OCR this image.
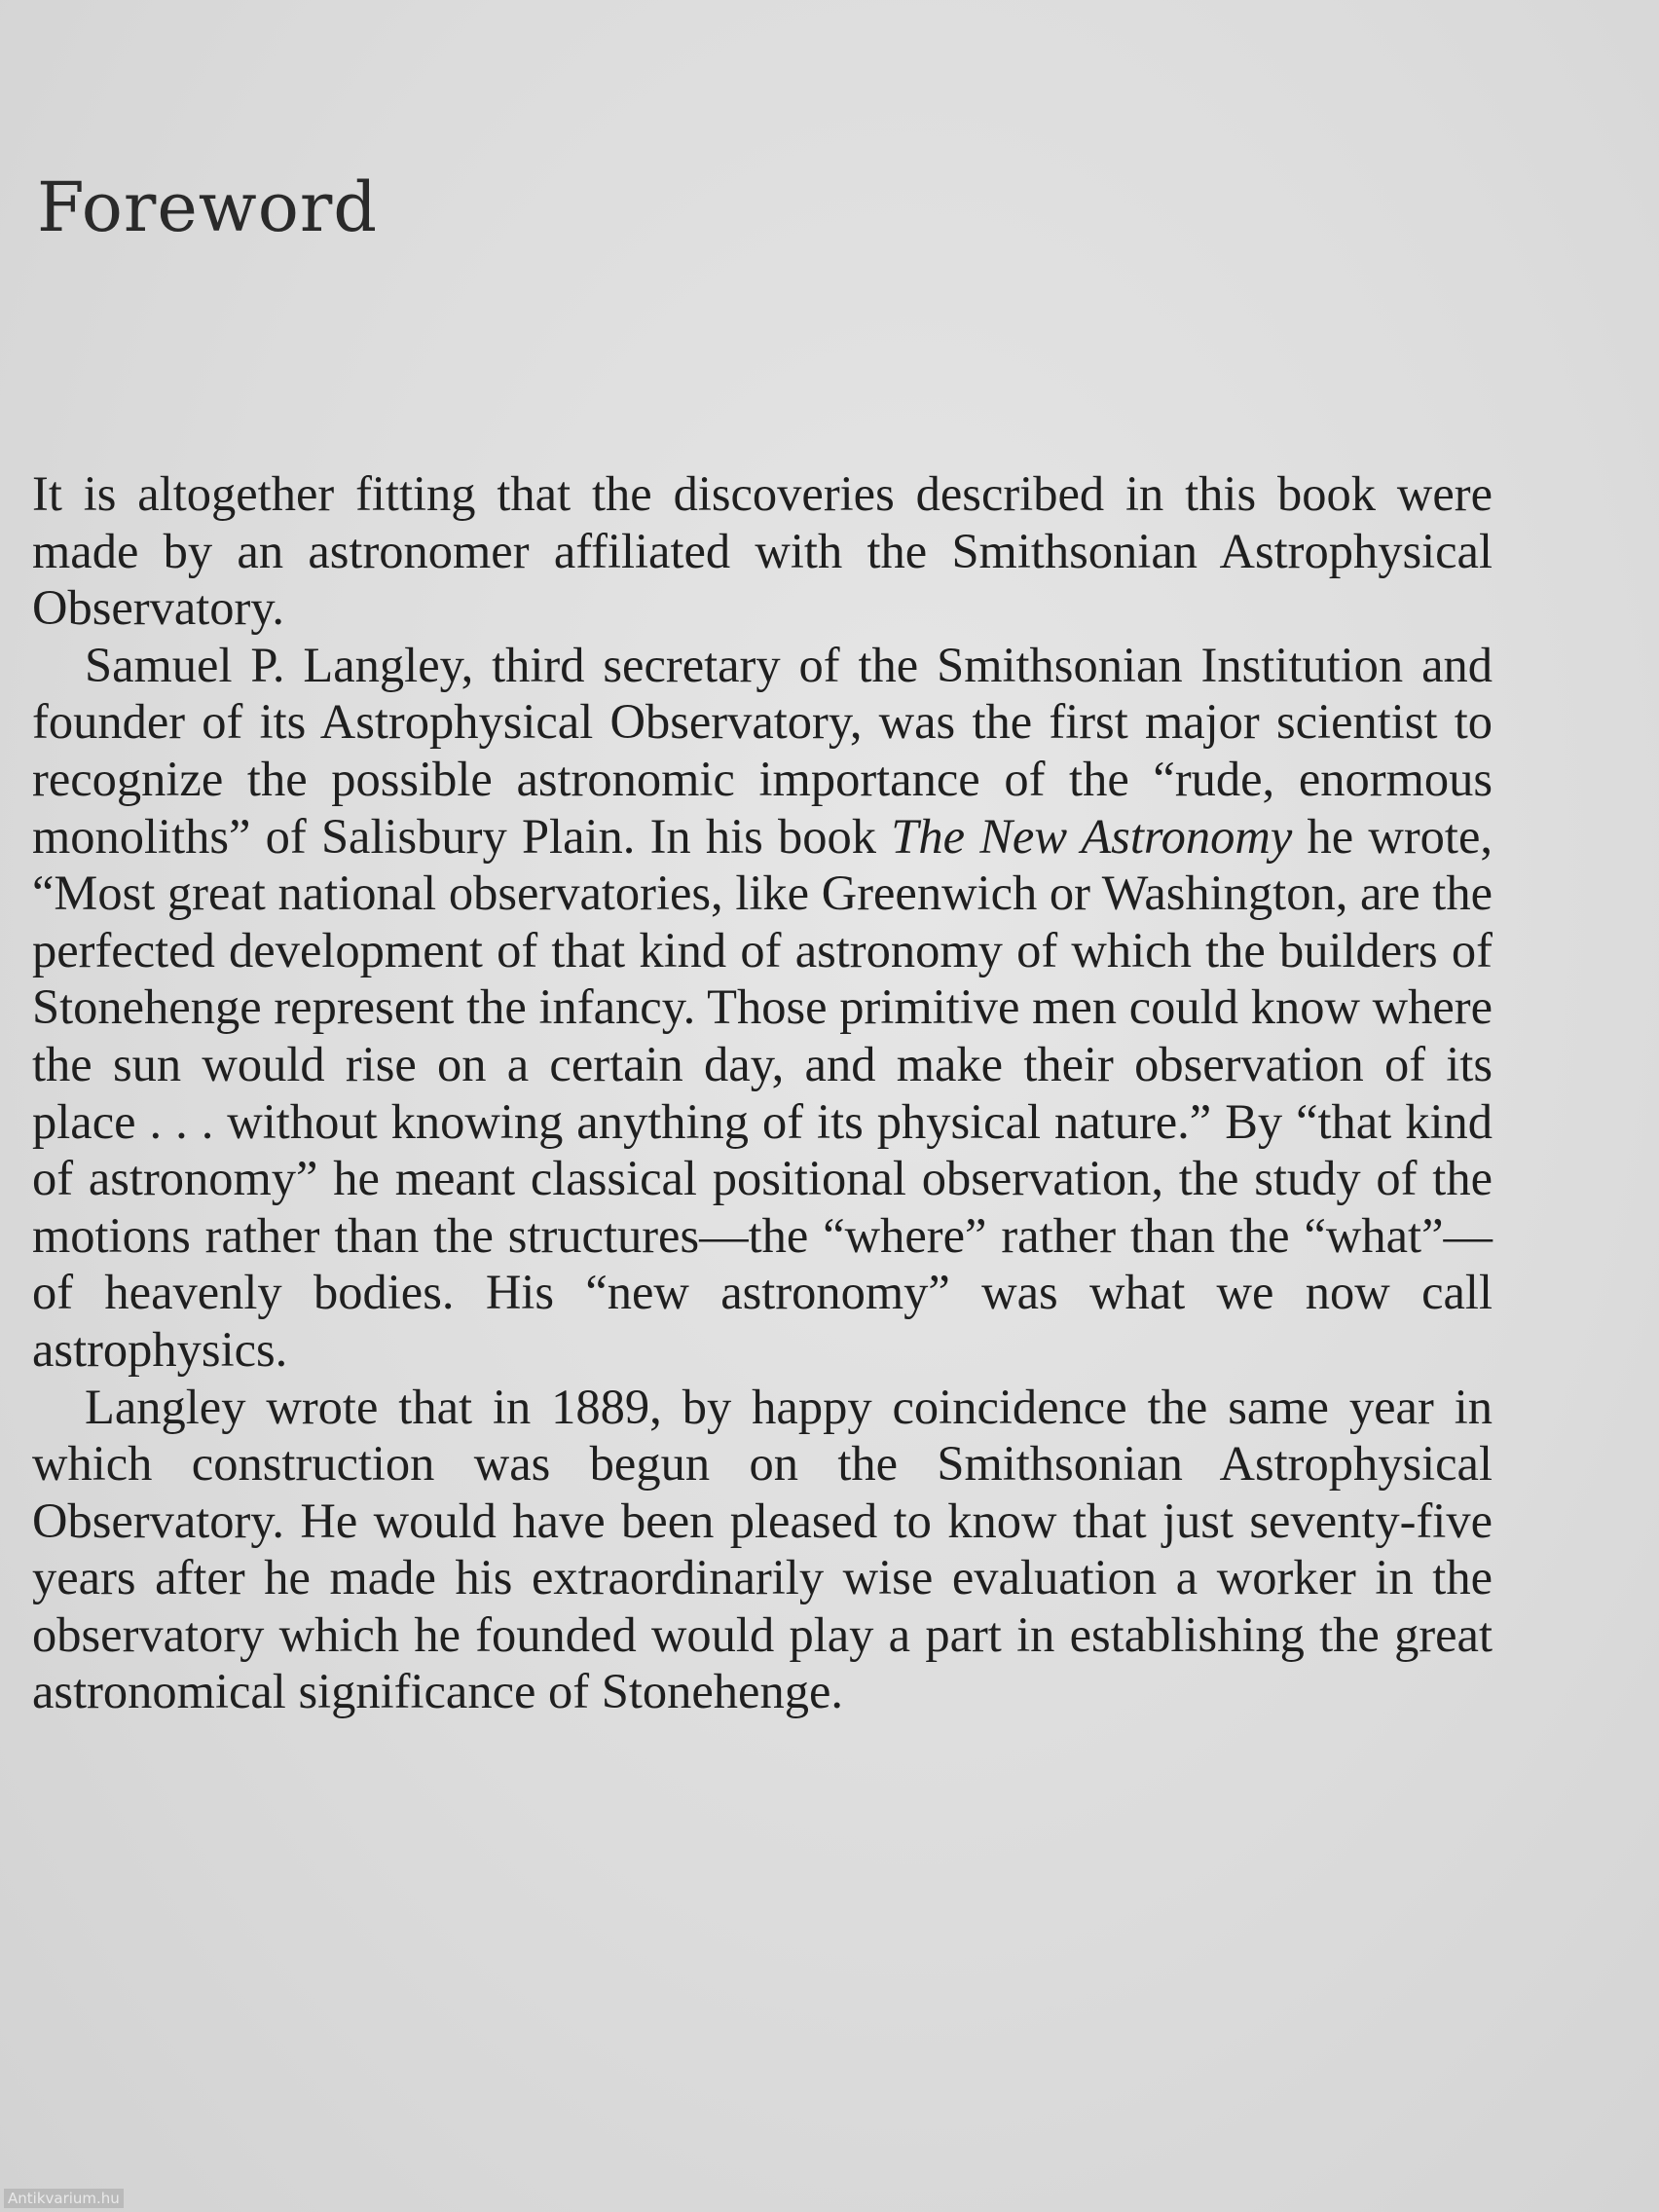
Foreword

It is altogether fitting that the discoveries described in this book were made by an astronomer affiliated with the Smithsonian Astrophysical Observatory.

Samuel P. Langley, third secretary of the Smithsonian Institution and founder of its Astrophysical Observatory, was the first major scientist to recognize the possible astronomic importance of the “rude, enormous monoliths” of Salisbury Plain. In his book The New Astronomy he wrote, “Most great national observatories, like Greenwich or Washington, are the perfected development of that kind of astronomy of which the builders of Stonehenge represent the infancy. Those primitive men could know where the sun would rise on a certain day, and make their observation of its place . . . without knowing anything of its physical nature.” By “that kind of astronomy” he meant classical positional observation, the study of the motions rather than the structures—the “where” rather than the “what”—of heavenly bodies. His “new astronomy” was what we now call astrophysics.

Langley wrote that in 1889, by happy coincidence the same year in which construction was begun on the Smithsonian Astrophysical Observatory. He would have been pleased to know that just seventy-five years after he made his extraordinarily wise evaluation a worker in the observatory which he founded would play a part in establishing the great astronomical significance of Stonehenge.

Antikvarium.hu
